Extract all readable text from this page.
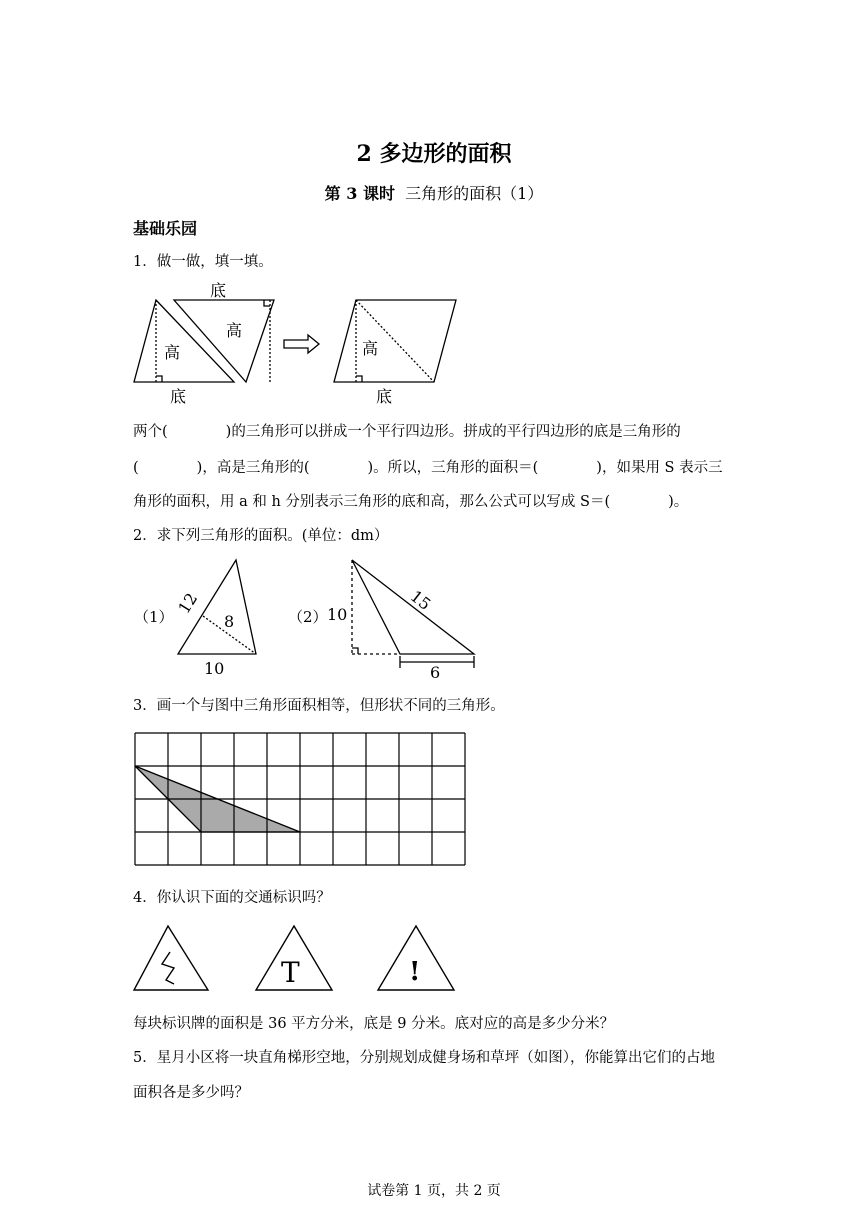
2 多边形的面积
第 3 课时 三角形的面积（1）
基础乐园
1．做一做，填一填。
底
高
高
底
高
底
两个(　　　　)的三角形可以拼成一个平行四边形。拼成的平行四边形的底是三角形的
(　　　　)，高是三角形的(　　　　)。所以，三角形的面积＝(　　　　)，如果用 S 表示三
角形的面积，用 a 和 h 分别表示三角形的底和高，那么公式可以写成 S＝(　　　　)。
2．求下列三角形的面积。(单位：dm）
（1）
12
8
10
（2） 10
15
6
3．画一个与图中三角形面积相等，但形状不同的三角形。
4．你认识下面的交通标识吗？
T	!
每块标识牌的面积是 36 平方分米，底是 9 分米。底对应的高是多少分米？
5．星月小区将一块直角梯形空地，分别规划成健身场和草坪（如图），你能算出它们的占地
面积各是多少吗？
试卷第 1 页，共 2 页
